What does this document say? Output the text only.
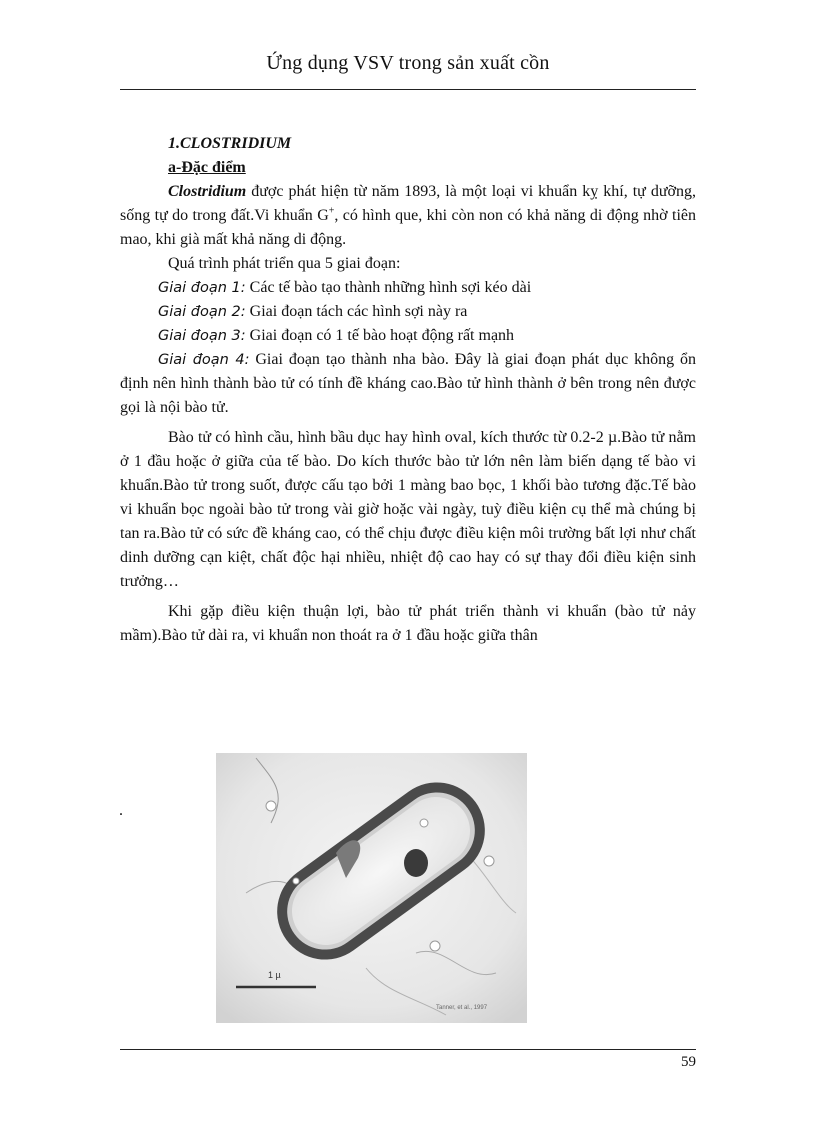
Ứng dụng VSV trong sản xuất cồn

1.CLOSTRIDIUM

a-Đặc điểm

Clostridium được phát hiện từ năm 1893, là một loại vi khuẩn kỵ khí, tự dưỡng, sống tự do trong đất.Vi khuẩn G+, có hình que, khi còn non có khả năng di động nhờ tiên mao, khi già mất khả năng di động.

Quá trình phát triển qua 5 giai đoạn:

Giai đoạn 1: Các tế bào tạo thành những hình sợi kéo dài

Giai đoạn 2: Giai đoạn tách các hình sợi này ra

Giai đoạn 3: Giai đoạn có 1 tế bào hoạt động rất mạnh

Giai đoạn 4: Giai đoạn tạo thành nha bào. Đây là giai đoạn phát dục không ổn định nên hình thành bào tử có tính đề kháng cao.Bào tử hình thành ở bên trong nên được gọi là nội bào tử.

Bào tử có hình cầu, hình bầu dục hay hình oval, kích thước từ 0.2-2 µ.Bào tử nằm ở 1 đầu hoặc ở giữa của tế bào. Do kích thước bào tử lớn nên làm biến dạng tế bào vi khuẩn.Bào tử trong suốt, được cấu tạo bởi 1 màng bao bọc, 1 khối bào tương đặc.Tế bào vi khuẩn bọc ngoài bào tử trong vài giờ hoặc vài ngày, tuỳ điều kiện cụ thể mà chúng bị tan ra.Bào tử có sức đề kháng cao, có thể chịu được điều kiện môi trường bất lợi như chất dinh dưỡng cạn kiệt, chất độc hại nhiều, nhiệt độ cao hay có sự thay đổi điều kiện sinh trưởng…

Khi gặp điều kiện thuận lợi, bào tử phát triển thành vi khuẩn (bào tử nảy mầm).Bào tử dài ra, vi khuẩn non thoát ra ở 1 đầu hoặc giữa thân

.
1 µ
Tanner, et al., 1997
59
